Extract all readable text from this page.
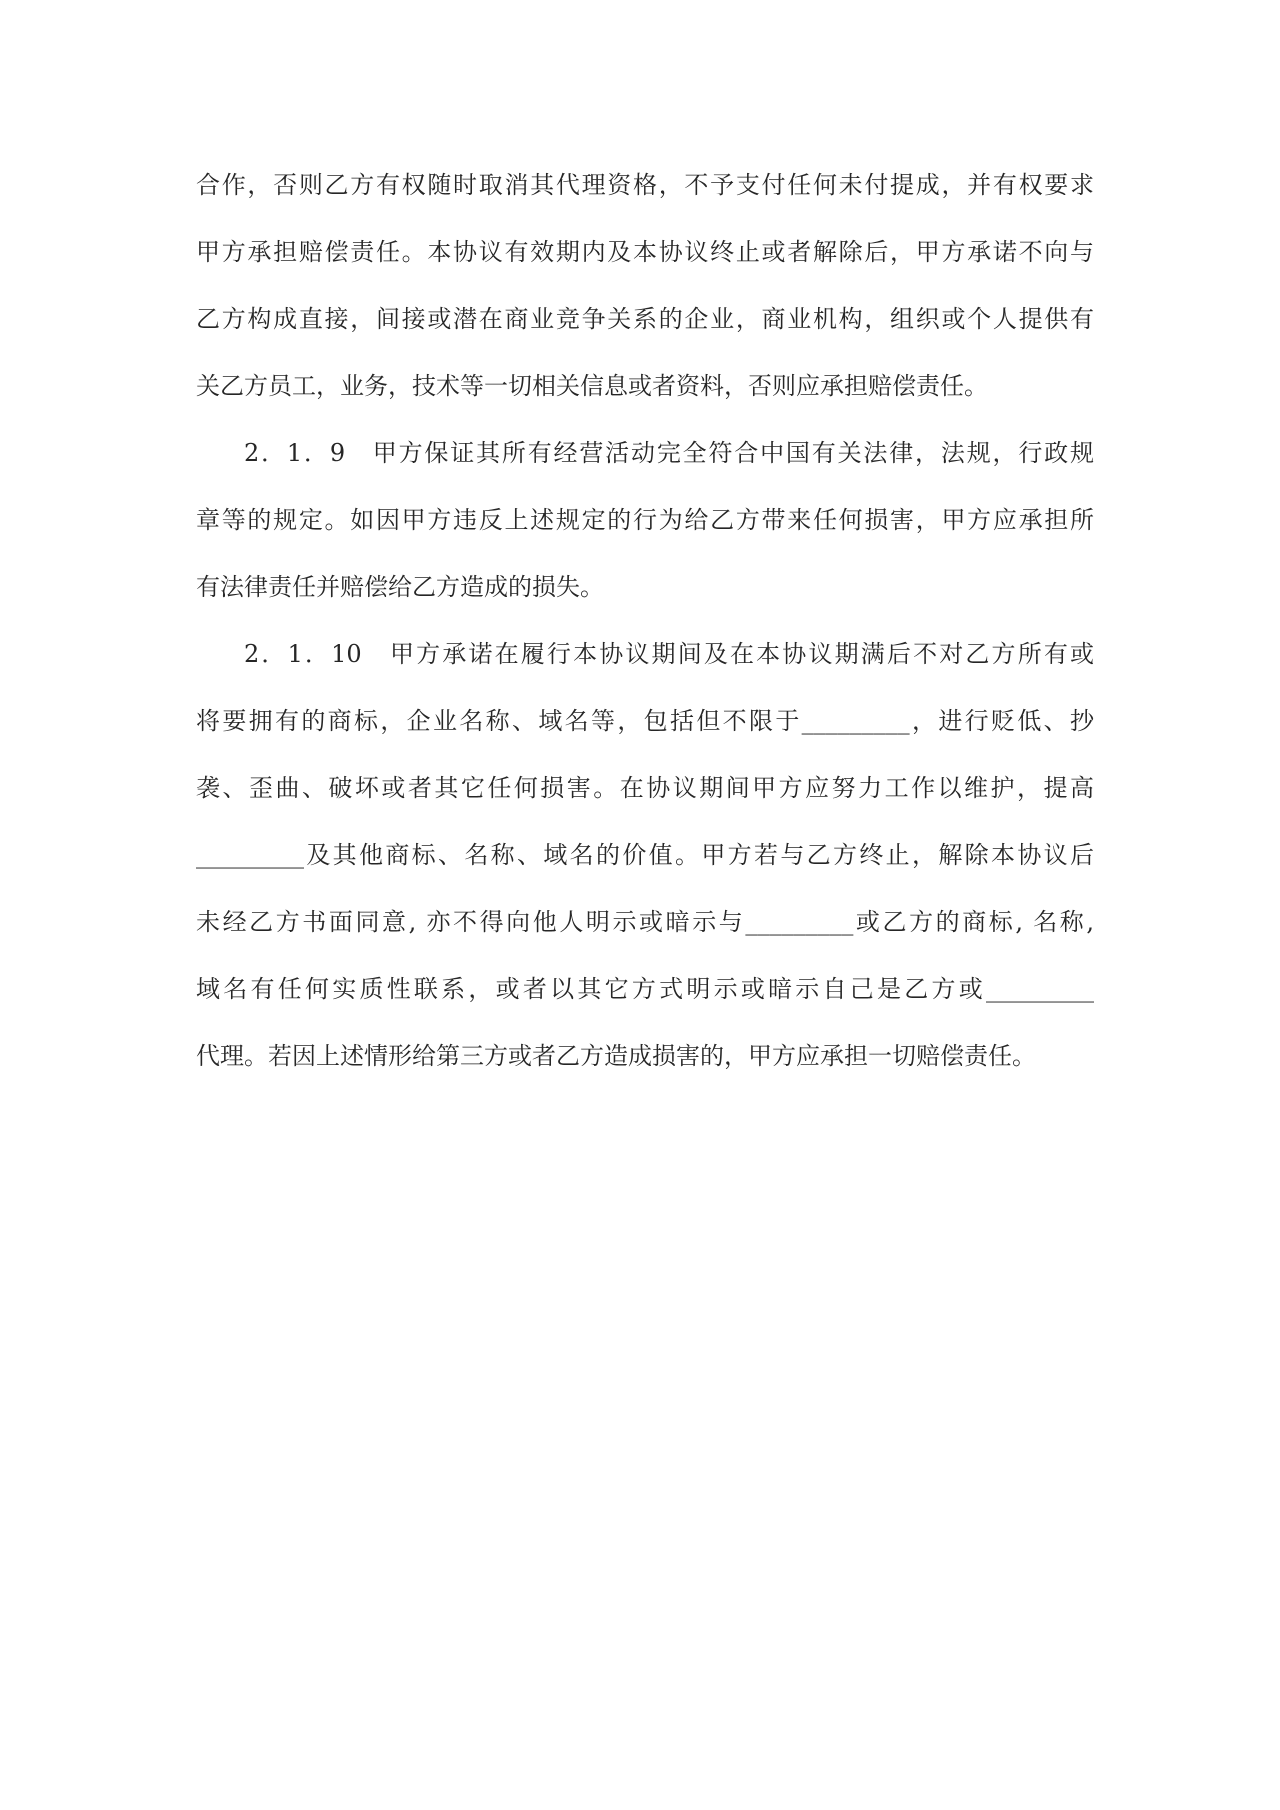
合作，否则乙方有权随时取消其代理资格，不予支付任何未付提成，并有权要求
甲方承担赔偿责任。本协议有效期内及本协议终止或者解除后，甲方承诺不向与
乙方构成直接，间接或潜在商业竞争关系的企业，商业机构，组织或个人提供有
关乙方员工，业务，技术等一切相关信息或者资料，否则应承担赔偿责任。
2．1．9　甲方保证其所有经营活动完全符合中国有关法律，法规，行政规
章等的规定。如因甲方违反上述规定的行为给乙方带来任何损害，甲方应承担所
有法律责任并赔偿给乙方造成的损失。
2．1．10　甲方承诺在履行本协议期间及在本协议期满后不对乙方所有或
将要拥有的商标，企业名称、域名等，包括但不限于_________，进行贬低、抄
袭、歪曲、破坏或者其它任何损害。在协议期间甲方应努力工作以维护，提高
_________及其他商标、名称、域名的价值。甲方若与乙方终止，解除本协议后
未经乙方书面同意, 亦不得向他人明示或暗示与_________或乙方的商标, 名称,
域名有任何实质性联系，或者以其它方式明示或暗示自己是乙方或_________
代理。若因上述情形给第三方或者乙方造成损害的，甲方应承担一切赔偿责任。
